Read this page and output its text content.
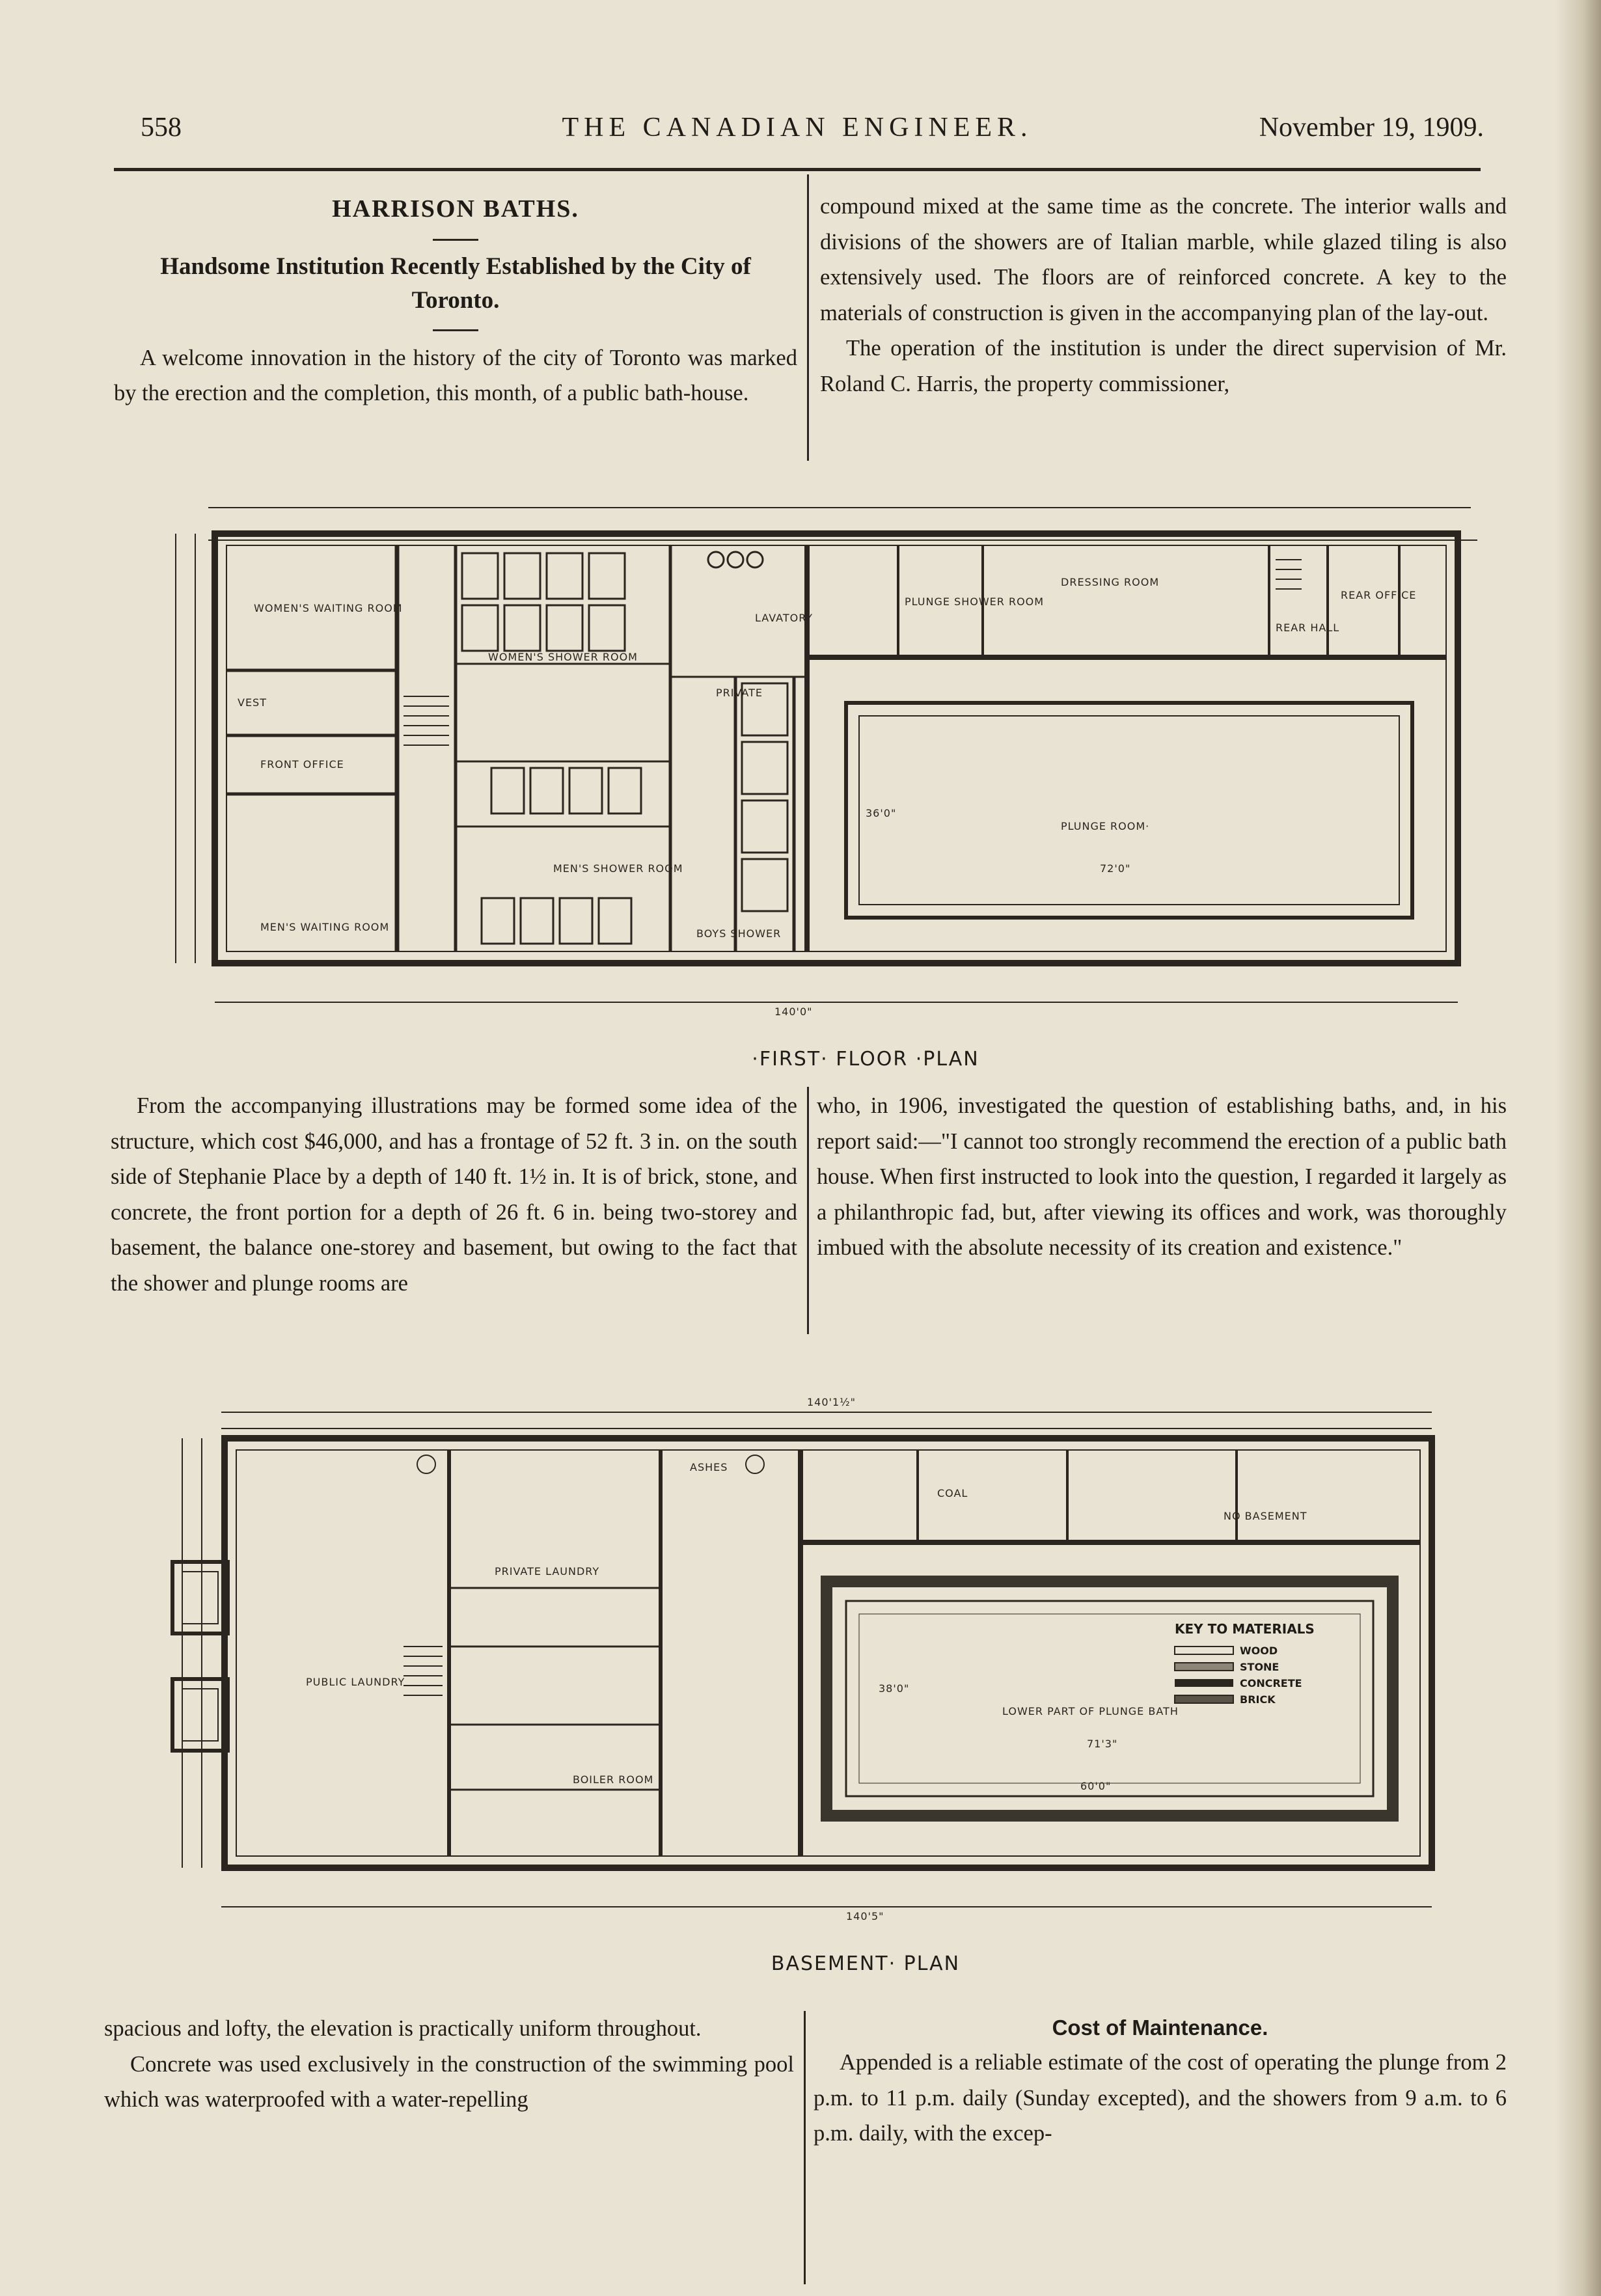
558	THE CANADIAN ENGINEER.	November 19, 1909.
HARRISON BATHS.
Handsome Institution Recently Established by the City of Toronto.

A welcome innovation in the history of the city of Toronto was marked by the erection and the completion, this month, of a public bath-house.

compound mixed at the same time as the concrete. The interior walls and divisions of the showers are of Italian marble, while glazed tiling is also extensively used. The floors are of reinforced concrete. A key to the materials of construction is given in the accompanying plan of the lay-out.

The operation of the institution is under the direct supervision of Mr. Roland C. Harris, the property commissioner,

WOMEN'S WAITING ROOM
WOMEN'S SHOWER ROOM
LAVATORY
PLUNGE SHOWER ROOM
DRESSING ROOM
REAR HALL
REAR OFFICE
VEST
FRONT OFFICE
MEN'S SHOWER ROOM
MEN'S WAITING ROOM
BOYS SHOWER
PRIVATE
PLUNGE ROOM·
72'0"
36'0"
140'0"
·FIRST· FLOOR ·PLAN

From the accompanying illustrations may be formed some idea of the structure, which cost $46,000, and has a frontage of 52 ft. 3 in. on the south side of Stephanie Place by a depth of 140 ft. 1½ in. It is of brick, stone, and concrete, the front portion for a depth of 26 ft. 6 in. being two-storey and basement, the balance one-storey and basement, but owing to the fact that the shower and plunge rooms are

who, in 1906, investigated the question of establishing baths, and, in his report said:—"I cannot too strongly recommend the erection of a public bath house. When first instructed to look into the question, I regarded it largely as a philanthropic fad, but, after viewing its offices and work, was thoroughly imbued with the absolute necessity of its creation and existence."

PUBLIC LAUNDRY
PRIVATE LAUNDRY
BOILER ROOM
ASHES
COAL
NO BASEMENT
LOWER PART OF PLUNGE BATH
140'1½"
71'3"
60'0"
38'0"
140'5"
KEY TO MATERIALS
WOOD
STONE
CONCRETE
BRICK
BASEMENT· PLAN

spacious and lofty, the elevation is practically uniform throughout.

Concrete was used exclusively in the construction of the swimming pool which was waterproofed with a water-repelling

Cost of Maintenance.

Appended is a reliable estimate of the cost of operating the plunge from 2 p.m. to 11 p.m. daily (Sunday excepted), and the showers from 9 a.m. to 6 p.m. daily, with the excep-
